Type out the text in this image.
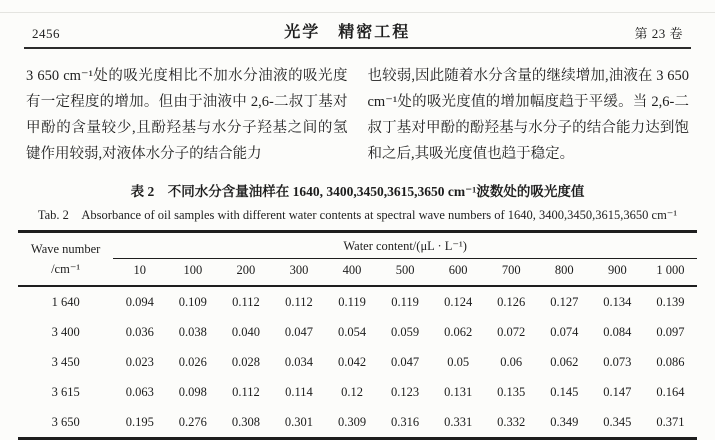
2456	光学　精密工程	第 23 卷

3 650 cm⁻¹处的吸光度相比不加水分油液的吸光度有一定程度的增加。但由于油液中 2,6-二叔丁基对甲酚的含量较少,且酚羟基与水分子羟基之间的氢键作用较弱,对液体水分子的结合能力

也较弱,因此随着水分含量的继续增加,油液在 3 650 cm⁻¹处的吸光度值的增加幅度趋于平缓。当 2,6-二叔丁基对甲酚的酚羟基与水分子的结合能力达到饱和之后,其吸光度值也趋于稳定。

表 2　不同水分含量油样在 1640, 3400,3450,3615,3650 cm⁻¹波数处的吸光度值
Tab. 2　Absorbance of oil samples with different water contents at spectral wave numbers of 1640, 3400,3450,3615,3650 cm⁻¹
Wave number
/cm⁻¹	Water content/(μL · L⁻¹)										
	10	100	200	300	400	500	600	700	800	900	1 000
1 640	0.094	0.109	0.112	0.112	0.119	0.119	0.124	0.126	0.127	0.134	0.139
3 400	0.036	0.038	0.040	0.047	0.054	0.059	0.062	0.072	0.074	0.084	0.097
3 450	0.023	0.026	0.028	0.034	0.042	0.047	0.05	0.06	0.062	0.073	0.086
3 615	0.063	0.098	0.112	0.114	0.12	0.123	0.131	0.135	0.145	0.147	0.164
3 650	0.195	0.276	0.308	0.301	0.309	0.316	0.331	0.332	0.349	0.345	0.371
